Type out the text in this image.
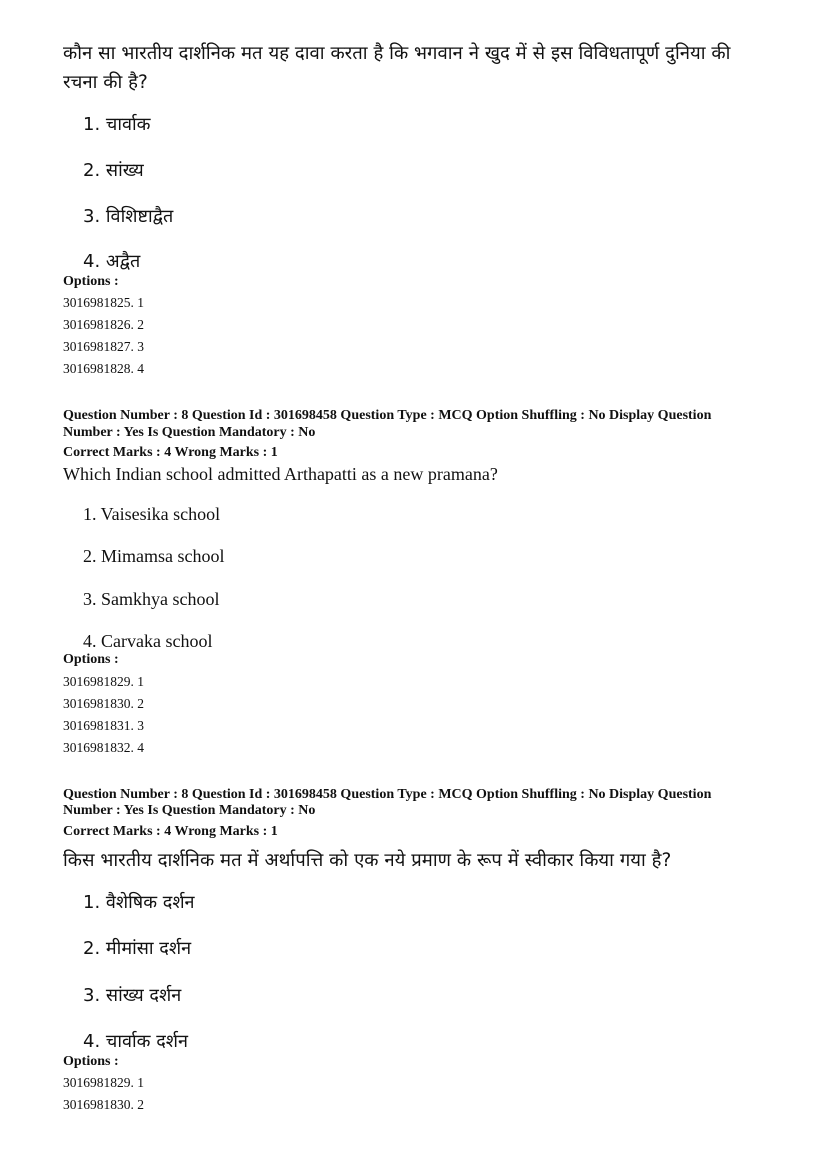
कौन सा भारतीय दार्शनिक मत यह दावा करता है कि भगवान ने खुद में से इस विविधतापूर्ण दुनिया की
रचना की है?
1. चार्वाक
2. सांख्य
3. विशिष्टाद्वैत
4. अद्वैत
Options :
3016981825. 1
3016981826. 2
3016981827. 3
3016981828. 4
Question Number : 8 Question Id : 301698458 Question Type : MCQ Option Shuffling : No Display Question
Number : Yes Is Question Mandatory : No
Correct Marks : 4 Wrong Marks : 1
Which Indian school admitted Arthapatti as a new pramana?
1. Vaisesika school
2. Mimamsa school
3. Samkhya school
4. Carvaka school
Options :
3016981829. 1
3016981830. 2
3016981831. 3
3016981832. 4
Question Number : 8 Question Id : 301698458 Question Type : MCQ Option Shuffling : No Display Question
Number : Yes Is Question Mandatory : No
Correct Marks : 4 Wrong Marks : 1
किस भारतीय दार्शनिक मत में अर्थापत्ति को एक नये प्रमाण के रूप में स्वीकार किया गया है?
1. वैशेषिक दर्शन
2. मीमांसा दर्शन
3. सांख्य दर्शन
4. चार्वाक दर्शन
Options :
3016981829. 1
3016981830. 2
